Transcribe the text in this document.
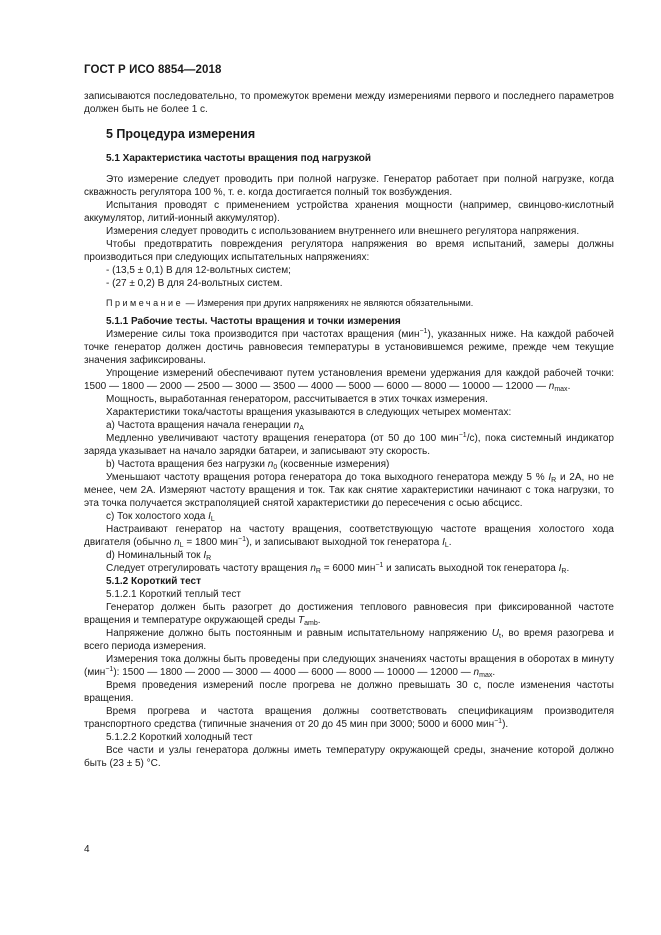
ГОСТ Р ИСО 8854—2018

записываются последовательно, то промежуток времени между измерениями первого и последнего параметров должен быть не более 1 с.

5 Процедура измерения
5.1 Характеристика частоты вращения под нагрузкой

Это измерение следует проводить при полной нагрузке. Генератор работает при полной нагрузке, когда скважность регулятора 100 %, т. е. когда достигается полный ток возбуждения.

Испытания проводят с применением устройства хранения мощности (например, свинцово-кислотный аккумулятор, литий-ионный аккумулятор).

Измерения следует проводить с использованием внутреннего или внешнего регулятора напряжения.

Чтобы предотвратить повреждения регулятора напряжения во время испытаний, замеры должны производиться при следующих испытательных напряжениях:

- (13,5 ± 0,1) В для 12-вольтных систем;

- (27 ± 0,2) В для 24-вольтных систем.

Примечание — Измерения при других напряжениях не являются обязательными.

5.1.1 Рабочие тесты. Частоты вращения и точки измерения

Измерение силы тока производится при частотах вращения (мин$^{-1}$), указанных ниже. На каждой рабочей точке генератор должен достичь равновесия температуры в установившемся режиме, прежде чем текущие значения зафиксированы.

Упрощение измерений обеспечивают путем установления времени удержания для каждой рабочей точки: 1500 — 1800 — 2000 — 2500 — 3000 — 3500 — 4000 — 5000 — 6000 — 8000 — 10000 — 12000 — $n_{max}$.

Мощность, выработанная генератором, рассчитывается в этих точках измерения.

Характеристики тока/частоты вращения указываются в следующих четырех моментах:

а) Частота вращения начала генерации $n_A$

Медленно увеличивают частоту вращения генератора (от 50 до 100 мин$^{-1}$/с), пока системный индикатор заряда указывает на начало зарядки батареи, и записывают эту скорость.

b) Частота вращения без нагрузки $n_0$ (косвенные измерения)

Уменьшают частоту вращения ротора генератора до тока выходного генератора между 5 % $I_R$ и 2А, но не менее, чем 2А. Измеряют частоту вращения и ток. Так как снятие характеристики начинают с тока нагрузки, то эта точка получается экстраполяцией снятой характеристики до пересечения с осью абсцисс.

c) Ток холостого хода $I_L$

Настраивают генератор на частоту вращения, соответствующую частоте вращения холостого хода двигателя (обычно $n_L = 1800$ мин$^{-1}$), и записывают выходной ток генератора $I_L$.

d) Номинальный ток $I_R$

Следует отрегулировать частоту вращения $n_R = 6000$ мин$^{-1}$ и записать выходной ток генератора $I_R$.

5.1.2 Короткий тест

5.1.2.1 Короткий теплый тест

Генератор должен быть разогрет до достижения теплового равновесия при фиксированной частоте вращения и температуре окружающей среды $T_{amb}$.

Напряжение должно быть постоянным и равным испытательному напряжению $U_t$, во время разогрева и всего периода измерения.

Измерения тока должны быть проведены при следующих значениях частоты вращения в оборотах в минуту (мин$^{-1}$): 1500 — 1800 — 2000 — 3000 — 4000 — 6000 — 8000 — 10000 — 12000 — $n_{max}$.

Время проведения измерений после прогрева не должно превышать 30 с, после изменения частоты вращения.

Время прогрева и частота вращения должны соответствовать спецификациям производителя транспортного средства (типичные значения от 20 до 45 мин при 3000; 5000 и 6000 мин$^{-1}$).

5.1.2.2 Короткий холодный тест

Все части и узлы генератора должны иметь температуру окружающей среды, значение которой должно быть (23 ± 5) °C.

4
